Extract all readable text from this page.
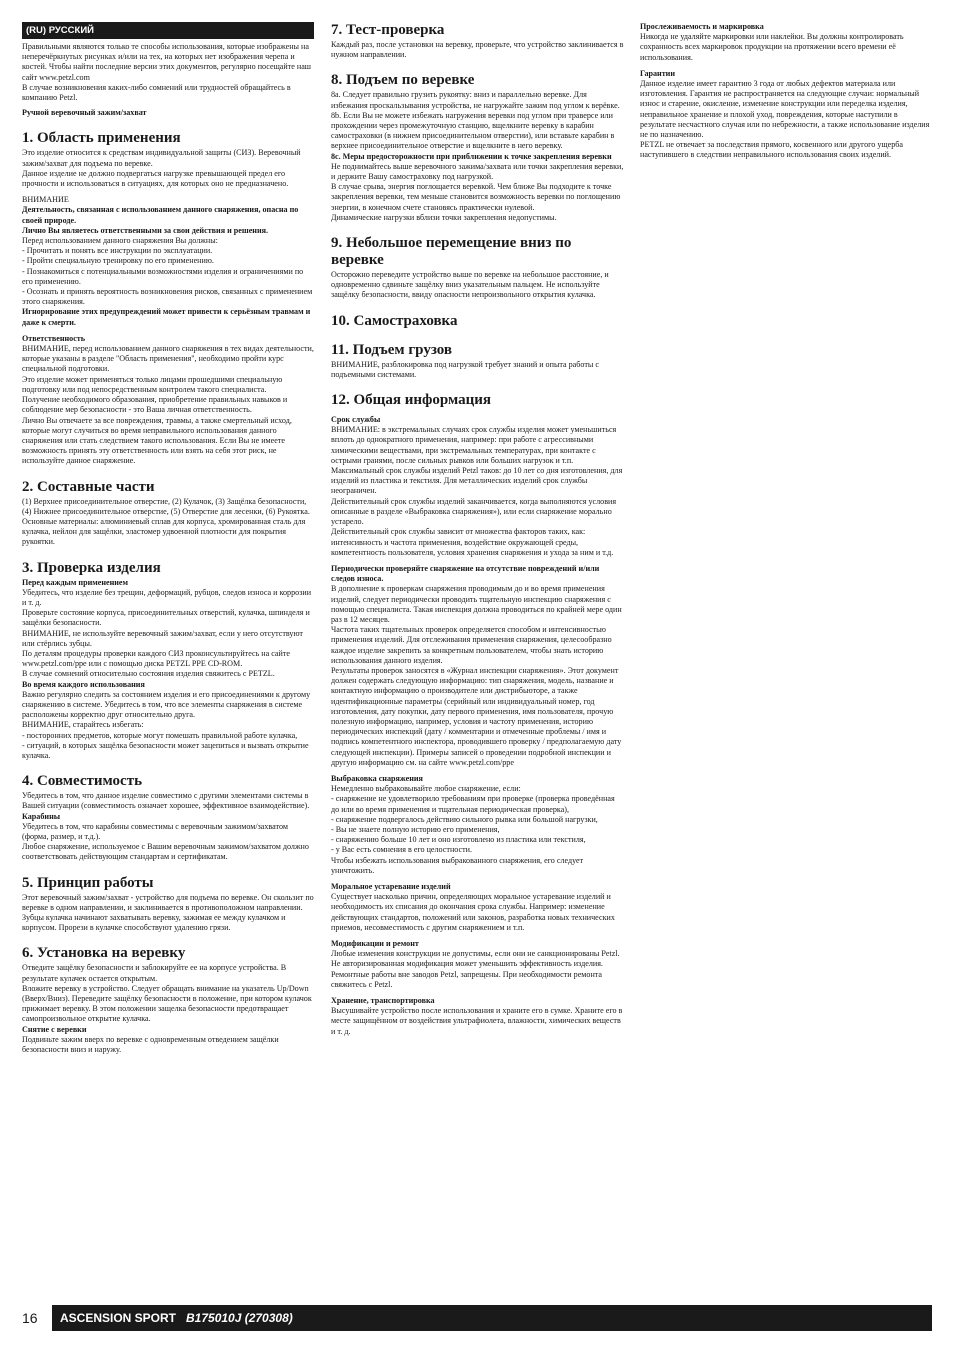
(RU) РУССКИЙ

Правильными являются только те способы использования, которые изображены на неперечёркнутых рисунках и/или на тех, на которых нет изображения черепа и костей. Чтобы найти последние версии этих документов, регулярно посещайте наш сайт www.petzl.com

В случае возникновения каких-либо сомнений или трудностей обращайтесь в компанию Petzl.

Ручной веревочный зажим/захват

1. Область применения

Это изделие относится к средствам индивидуальной защиты (СИЗ). Веревочный зажим/захват для подъема по веревке.

Данное изделие не должно подвергаться нагрузке превышающей предел его прочности и использоваться в ситуациях, для которых оно не предназначено.

ВНИМАНИЕ

Деятельность, связанная с использованием данного снаряжения, опасна по своей природе.

Лично Вы являетесь ответственными за свои действия и решения.

Перед использованием данного снаряжения Вы должны:

- Прочитать и понять все инструкции по эксплуатации.

- Пройти специальную тренировку по его применению.

- Познакомиться с потенциальными возможностями изделия и ограничениями по его применению.

- Осознать и принять вероятность возникновения рисков, связанных с применением этого снаряжения.

Игнорирование этих предупреждений может привести к серьёзным травмам и даже к смерти.

Ответственность

ВНИМАНИЕ, перед использованием данного снаряжения в тех видах деятельности, которые указаны в разделе "Область применения", необходимо пройти курс специальной подготовки.

Это изделие может применяться только лицами прошедшими специальную подготовку или под непосредственным контролем такого специалиста.

Получение необходимого образования, приобретение правильных навыков и соблюдение мер безопасности - это Ваша личная ответственность.

Лично Вы отвечаете за все повреждения, травмы, а также смертельный исход, которые могут случиться во время неправильного использования данного снаряжения или стать следствием такого использования. Если Вы не имеете возможность принять эту ответственность или взять на себя этот риск, не используйте данное снаряжение.

2. Составные части

(1) Верхнее присоединительное отверстие, (2) Кулачок, (3) Защёлка безопасности, (4) Нижнее присоединительное отверстие, (5) Отверстие для лесенки, (6) Рукоятка.

Основные материалы: алюминиевый сплав для корпуса, хромированная сталь для кулачка, нейлон для защёлки, эластомер удвоенной плотности для покрытия рукоятки.

3. Проверка изделия

Перед каждым применением

Убедитесь, что изделие без трещин, деформаций, рубцов, следов износа и коррозии и т. д.

Проверьте состояние корпуса, присоединительных отверстий, кулачка, шпинделя и защёлки безопасности.

ВНИМАНИЕ, не используйте веревочный зажим/захват, если у него отсутствуют или стёрлись зубцы.

По деталям процедуры проверки каждого СИЗ проконсультируйтесь на сайте www.petzl.com/ppe или с помощью диска PETZL PPE CD-ROM.

В случае сомнений относительно состояния изделия свяжитесь с PETZL.

Во время каждого использования

Важно регулярно следить за состоянием изделия и его присоединениями к другому снаряжению в системе. Убедитесь в том, что все элементы снаряжения в системе расположены корректно друг относительно друга.

ВНИМАНИЕ, старайтесь избегать:

- посторонних предметов, которые могут помешать правильной работе кулачка,

- ситуаций, в которых защёлка безопасности может зацепиться и вызвать открытие кулачка.

4. Совместимость

Убедитесь в том, что данное изделие совместимо с другими элементами системы в Вашей ситуации (совместимость означает хорошее, эффективное взаимодействие).

Карабины

Убедитесь в том, что карабины совместимы с веревочным зажимом/захватом (форма, размер, и т.д.).

Любое снаряжение, используемое с Вашим веревочным зажимом/захватом должно соответствовать действующим стандартам и сертификатам.

5. Принцип работы

Этот веревочный зажим/захват - устройство для подъема по веревке. Он скользит по веревке в одном направлении, и заклинивается в противоположном направлении.

Зубцы кулачка начинают захватывать веревку, зажимая ее между кулачком и корпусом. Прорези в кулачке способствуют удалению грязи.

6. Установка на веревку

Отведите защёлку безопасности и заблокируйте ее на корпусе устройства. В результате кулачек остается открытым.

Вложите веревку в устройство. Следует обращать внимание на указатель Up/Down (Вверх/Вниз). Переведите защёлку безопасности в положение, при котором кулачок прижимает веревку. В этом положении защелка безопасности предотвращает самопроизвольное открытие кулачка.

Снятие с веревки

Подвиньте зажим вверх по веревке с одновременным отведением защёлки безопасности вниз и наружу.

7. Тест-проверка

Каждый раз, после установки на веревку, проверьте, что устройство заклинивается в нужном направлении.

8. Подъем по веревке

8a. Следует правильно грузить рукоятку: вниз и параллельно веревке. Для избежания проскальзывания устройства, не нагружайте зажим под углом к верёвке.

8b. Если Вы не можете избежать нагружения веревки под углом при траверсе или прохождении через промежуточную станцию, вщелкните веревку в карабин самостраховки (в нижнем присоединительном отверстии), или вставьте карабин в верхнее присоединительное отверстие и вщелкните в него веревку.

8c. Меры предосторожности при приближении к точке закрепления веревки

Не поднимайтесь выше веревочного зажима/захвата или точки закрепления веревки, и держите Вашу самостраховку под нагрузкой.

В случае срыва, энергия поглощается веревкой. Чем ближе Вы подходите к точке закрепления веревки, тем меньше становится возможность веревки по поглощению энергии, в конечном счете становясь практически нулевой.

Динамические нагрузки вблизи точки закрепления недопустимы.

9. Небольшое перемещение вниз по веревке

Осторожно переведите устройство выше по веревке на небольшое расстояние, и одновременно сдвиньте защёлку вниз указательным пальцем. Не используйте защёлку безопасности, ввиду опасности непроизвольного открытия кулачка.

10. Самостраховка
11. Подъем грузов

ВНИМАНИЕ, разблокировка под нагрузкой требует знаний и опыта работы с подъемными системами.

12. Общая информация

Срок службы

ВНИМАНИЕ: в экстремальных случаях срок службы изделия может уменьшиться вплоть до однократного применения, например: при работе с агрессивными химическими веществами, при экстремальных температурах, при контакте с острыми гранями, после сильных рывков или больших нагрузок и т.п. Максимальный срок службы изделий Petzl таков: до 10 лет со дня изготовления, для изделий из пластика и текстиля. Для металлических изделий срок службы неограничен.

Действительный срок службы изделий заканчивается, когда выполняются условия описанные в разделе «Выбраковка снаряжения»), или если снаряжение морально устарело.

Действительный срок службы зависит от множества факторов таких, как: интенсивность и частота применения, воздействие окружающей среды, компетентность пользователя, условия хранения снаряжения и ухода за ним и т.д.

Периодически проверяйте снаряжение на отсутствие повреждений и/или следов износа.

В дополнение к проверкам снаряжения проводимым до и во время применения изделий, следует периодически проводить тщательную инспекцию снаряжения с помощью специалиста. Такая инспекция должна проводиться по крайней мере один раз в 12 месяцев.

Частота таких тщательных проверок определяется способом и интенсивностью применения изделий. Для отслеживания применения снаряжения, целесообразно каждое изделие закрепить за конкретным пользователем, чтобы знать историю использования данного изделия.

Результаты проверок заносятся в «Журнал инспекции снаряжения». Этот документ должен содержать следующую информацию: тип снаряжения, модель, название и контактную информацию о производителе или дистрибьюторе, а также идентификационные параметры (серийный или индивидуальный номер, год изготовления, дату покупки, дату первого применения, имя пользователя, прочую полезную информацию, например, условия и частоту применения, историю периодических инспекций (дату / комментарии и отмеченные проблемы / имя и подпись компетентного инспектора, проводившего проверку / предполагаемую дату следующей инспекции). Примеры записей о проведении подробной инспекции и другую информацию см. на сайте www.petzl.com/ppe

Выбраковка снаряжения

Немедленно выбраковывайте любое снаряжение, если:

- снаряжение не удовлетворило требованиям при проверке (проверка проведённая до или во время применения и тщательная периодическая проверка),

- снаряжение подвергалось действию сильного рывка или большой нагрузки,

- Вы не знаете полную историю его применения,

- снаряжению больше 10 лет и оно изготовлено из пластика или текстиля,

- у Вас есть сомнения в его целостности.

Чтобы избежать использования выбракованного снаряжения, его следует уничтожить.

Моральное устаревание изделий

Существует насколько причин, определяющих моральное устаревание изделий и необходимость их списания до окончания срока службы. Например: изменение действующих стандартов, положений или законов, разработка новых технических приемов, несовместимость с другим снаряжением и т.п.

Модификации и ремонт

Любые изменения конструкции не допустимы, если они не санкционированы Petzl. Не авторизированная модификация может уменьшить эффективность изделия.

Ремонтные работы вне заводов Petzl, запрещены. При необходимости ремонта свяжитесь с Petzl.

Хранение, транспортировка

Высушивайте устройство после использования и храните его в сумке. Храните его в месте защищённом от воздействия ультрафиолета, влажности, химических веществ и т. д.

Прослеживаемость и маркировка

Никогда не удаляйте маркировки или наклейки. Вы должны контролировать сохранность всех маркировок продукции на протяжении всего времени её использования.

Гарантии

Данное изделие имеет гарантию 3 года от любых дефектов материала или изготовления. Гарантия не распространяется на следующие случаи: нормальный износ и старение, окисление, изменение конструкции или переделка изделия, неправильное хранение и плохой уход, повреждения, которые наступили в результате несчастного случая или по небрежности, а также использование изделия не по назначению.

PETZL не отвечает за последствия прямого, косвенного или другого ущерба наступившего в следствии неправильного использования своих изделий.

16	ASCENSION SPORT B175010J (270308)
